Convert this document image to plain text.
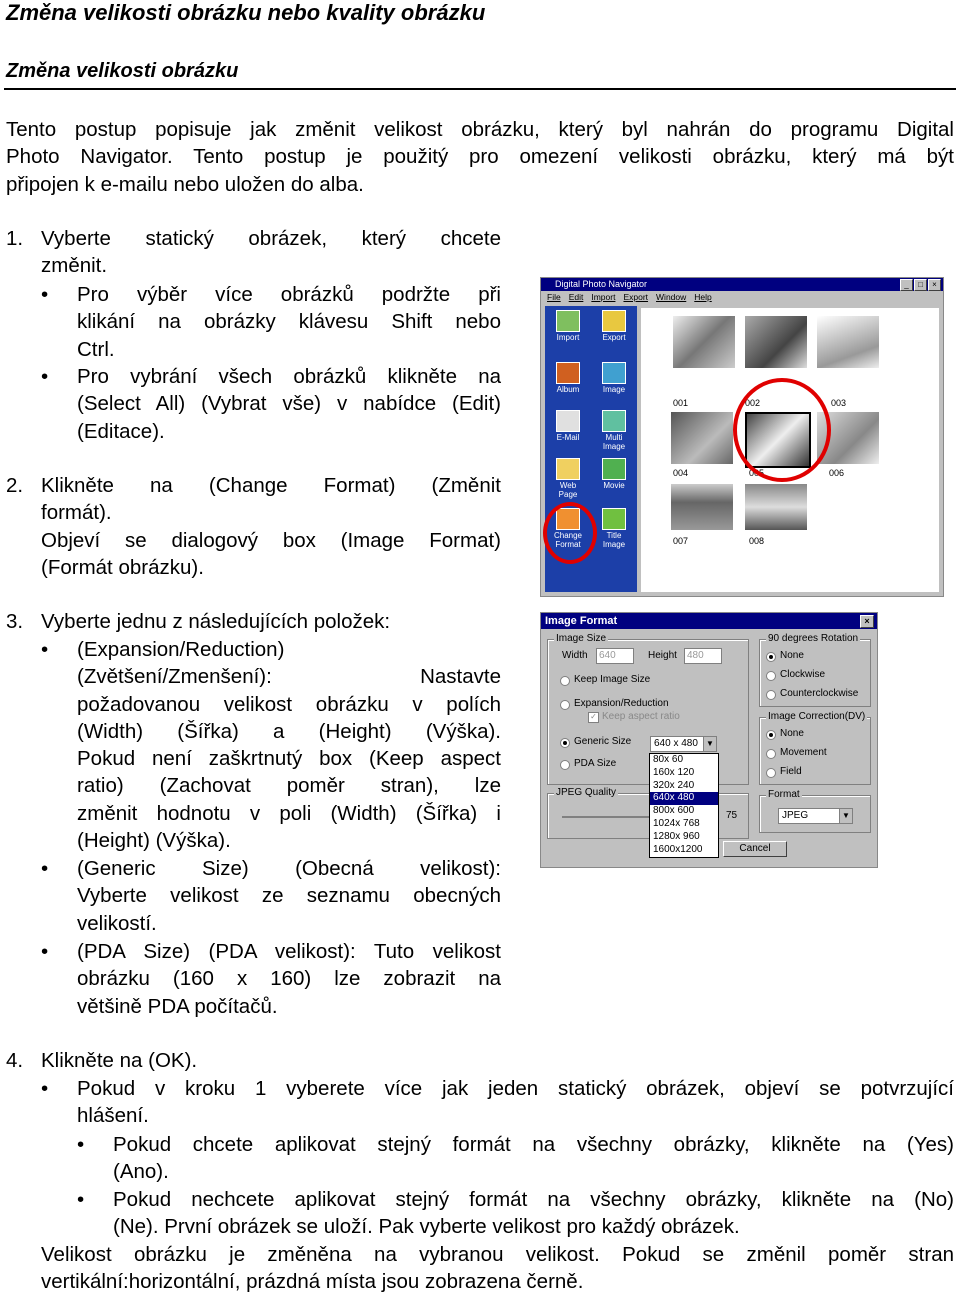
Změna velikosti obrázku nebo kvality obrázku
Změna velikosti obrázku
Tento postup popisuje jak změnit velikost obrázku, který byl nahrán do programu Digital
Photo Navigator. Tento postup je použitý pro omezení velikosti obrázku, který má být
připojen k e-mailu nebo uložen do alba.
1. Vyberte statický obrázek, který chcete
změnit.
• Pro výběr více obrázků podržte při
klikání na obrázky klávesu Shift nebo
Ctrl.
• Pro vybrání všech obrázků klikněte na
(Select All) (Vybrat vše) v nabídce (Edit)
(Editace).
2. Klikněte na (Change Format) (Změnit
formát).
Objeví se dialogový box (Image Format)
(Formát obrázku).
3. Vyberte jednu z následujících položek:
• (Expansion/Reduction)
(Zvětšení/Zmenšení): Nastavte
požadovanou velikost obrázku v polích
(Width) (Šířka) a (Height) (Výška).
Pokud není zaškrtnutý box (Keep aspect
ratio) (Zachovat poměr stran), lze
změnit hodnotu v poli (Width) (Šířka) i
(Height) (Výška).
• (Generic Size) (Obecná velikost):
Vyberte velikost ze seznamu obecných
velikostí.
• (PDA Size) (PDA velikost): Tuto velikost
obrázku (160 x 160) lze zobrazit na
většině PDA počítačů.
4. Klikněte na (OK).
• Pokud v kroku 1 vyberete více jak jeden statický obrázek, objeví se potvrzující
hlášení.
• Pokud chcete aplikovat stejný formát na všechny obrázky, klikněte na (Yes)
(Ano).
• Pokud nechcete aplikovat stejný formát na všechny obrázky, klikněte na (No)
(Ne). První obrázek se uloží. Pak vyberte velikost pro každý obrázek.
Velikost obrázku je změněna na vybranou velikost. Pokud se změnil poměr stran
vertikální:horizontální, prázdná místa jsou zobrazena černě.
Digital Photo Navigator	_	□	×
File Edit Import Export Window Help
Import	Export
Album	Image
E-Mail	Multi Image
Web Page
Movie
Change Format
Title Image
001	002	003
004	005	006
007	008
Image Format	×
Image Size
Width	640	Height	480
Keep Image Size
Expansion/Reduction
✓ Keep aspect ratio
Generic Size	640 x 480	▼
PDA Size
JPEG Quality
75
90 degrees Rotation
None
Clockwise
Counterclockwise
Image Correction(DV)
None
Movement
Field
Format
JPEG	▼
Cancel
80x 60
160x 120
320x 240
640x 480
800x 600
1024x 768
1280x 960
1600x1200
